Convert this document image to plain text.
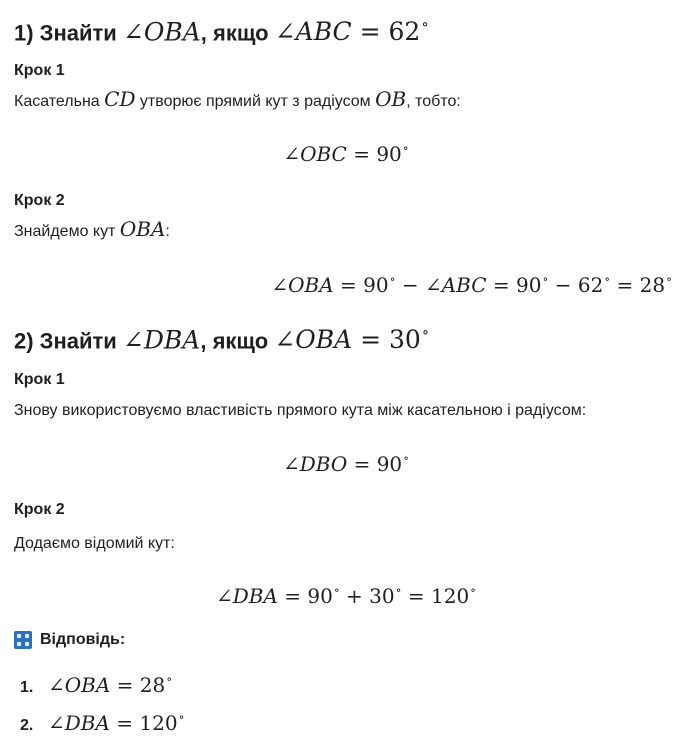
1) Знайти ∠OBA, якщо ∠ABC = 62∘

Крок 1

Касательна CD утворює прямий кут з радіусом OB, тобто:

∠OBC = 90∘

Крок 2

Знайдемо кут OBA:

∠OBA = 90∘ − ∠ABC = 90∘ − 62∘ = 28∘

2) Знайти ∠DBA, якщо ∠OBA = 30∘

Крок 1

Знову використовуємо властивість прямого кута між касательною і радіусом:

∠DBO = 90∘

Крок 2

Додаємо відомий кут:

∠DBA = 90∘ + 30∘ = 120∘

Відповідь:
1. ∠OBA = 28∘
2. ∠DBA = 120∘
